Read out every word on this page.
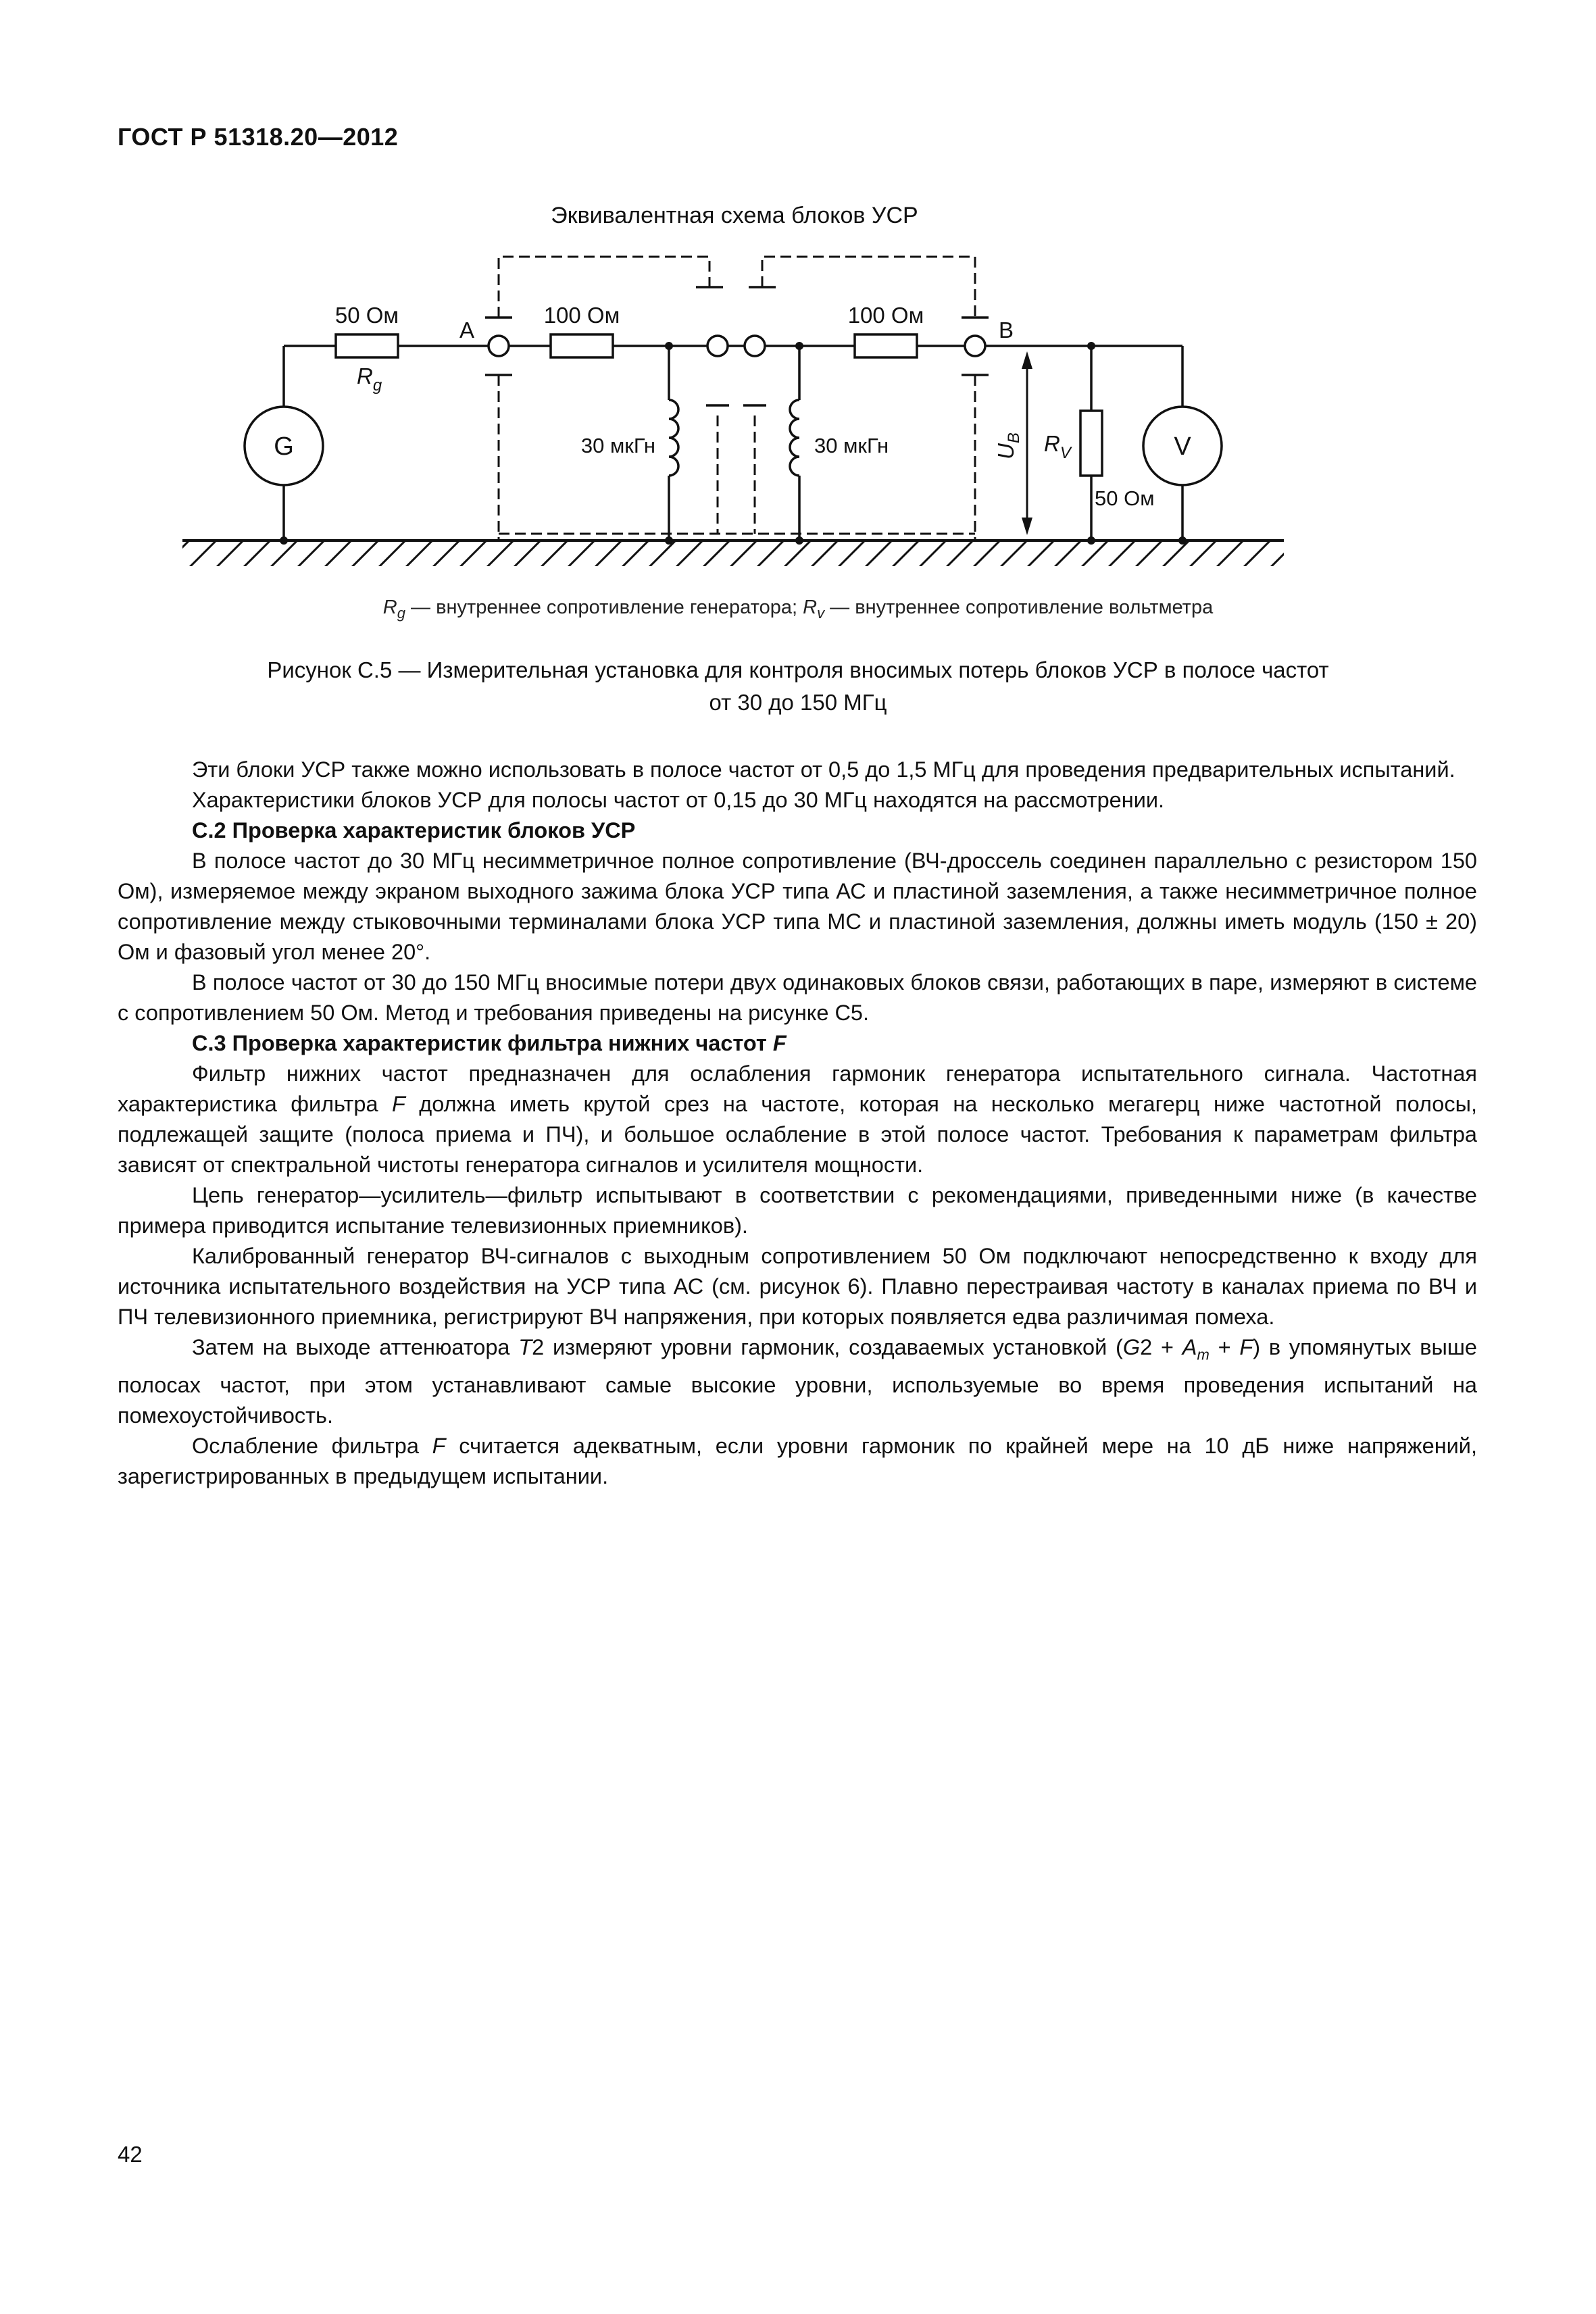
ГОСТ Р 51318.20—2012
Эквивалентная схема блоков УСР
50 Ом
$R_g$
G
A
100 Ом	100 Ом
B
30 мкГн	30 мкГн	$U_B$ $R_V$	V
50 Ом
$R_g$ — внутреннее сопротивление генератора; $R_v$ — внутреннее сопротивление вольтметра
Рисунок С.5 — Измерительная установка для контроля вносимых потерь блоков УСР в полосе частот
от 30 до 150 МГц

Эти блоки УСР также можно использовать в полосе частот от 0,5 до 1,5 МГц для проведения предварительных испытаний.

Характеристики блоков УСР для полосы частот от 0,15 до 30 МГц находятся на рассмотрении.

С.2 Проверка характеристик блоков УСР

В полосе частот до 30 МГц несимметричное полное сопротивление (ВЧ-дроссель соединен параллельно с резистором 150 Ом), измеряемое между экраном выходного зажима блока УСР типа АС и пластиной заземления, а также несимметричное полное сопротивление между стыковочными терминалами блока УСР типа МС и пластиной заземления, должны иметь модуль (150 ± 20) Ом и фазовый угол менее 20°.

В полосе частот от 30 до 150 МГц вносимые потери двух одинаковых блоков связи, работающих в паре, измеряют в системе с сопротивлением 50 Ом. Метод и требования приведены на рисунке С5.

С.3 Проверка характеристик фильтра нижних частот F

Фильтр нижних частот предназначен для ослабления гармоник генератора испытательного сигнала. Частотная характеристика фильтра F должна иметь крутой срез на частоте, которая на несколько мегагерц ниже частотной полосы, подлежащей защите (полоса приема и ПЧ), и большое ослабление в этой полосе частот. Требования к параметрам фильтра зависят от спектральной чистоты генератора сигналов и усилителя мощности.

Цепь генератор—усилитель—фильтр испытывают в соответствии с рекомендациями, приведенными ниже (в качестве примера приводится испытание телевизионных приемников).

Калиброванный генератор ВЧ-сигналов с выходным сопротивлением 50 Ом подключают непосредственно к входу для источника испытательного воздействия на УСР типа АС (см. рисунок 6). Плавно перестраивая частоту в каналах приема по ВЧ и ПЧ телевизионного приемника, регистрируют ВЧ напряжения, при которых появляется едва различимая помеха.

Затем на выходе аттенюатора T2 измеряют уровни гармоник, создаваемых установкой $(G2 + A_m + F)$ в упомянутых выше полосах частот, при этом устанавливают самые высокие уровни, используемые во время проведения испытаний на помехоустойчивость.

Ослабление фильтра F считается адекватным, если уровни гармоник по крайней мере на 10 дБ ниже напряжений, зарегистрированных в предыдущем испытании.

42
